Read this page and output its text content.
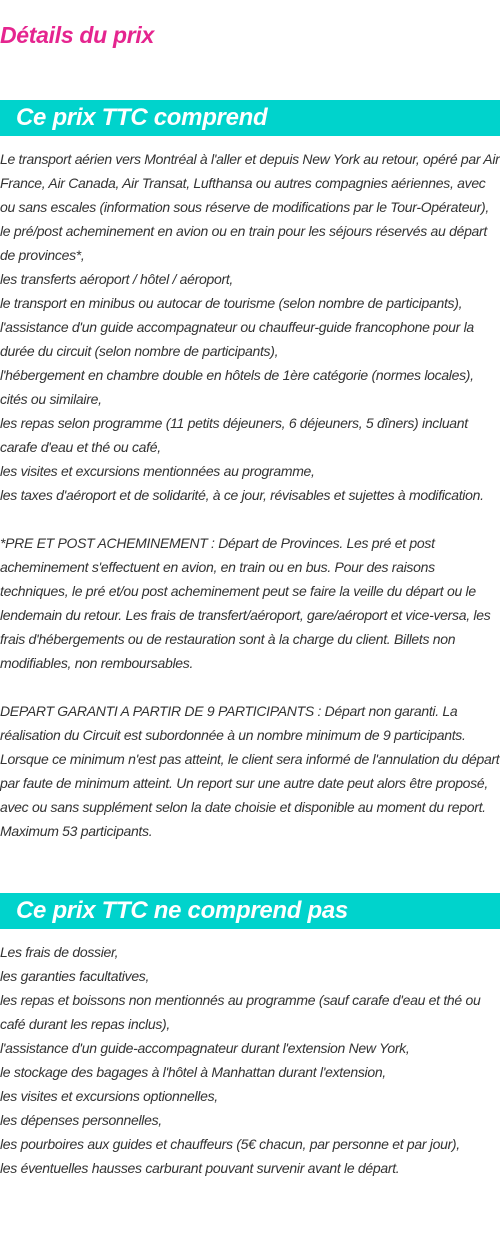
Détails du prix
Ce prix TTC comprend
Le transport aérien vers Montréal à l'aller et depuis New York au retour, opéré par Air France, Air Canada, Air Transat, Lufthansa ou autres compagnies aériennes, avec ou sans escales (information sous réserve de modifications par le Tour-Opérateur),
le pré/post acheminement en avion ou en train pour les séjours réservés au départ de provinces*,
les transferts aéroport / hôtel / aéroport,
le transport en minibus ou autocar de tourisme (selon nombre de participants),
l'assistance d'un guide accompagnateur ou chauffeur-guide francophone pour la durée du circuit (selon nombre de participants),
l'hébergement en chambre double en hôtels de 1ère catégorie (normes locales), cités ou similaire,
les repas selon programme (11 petits déjeuners, 6 déjeuners, 5 dîners) incluant carafe d'eau et thé ou café,
les visites et excursions mentionnées au programme,
les taxes d'aéroport et de solidarité, à ce jour, révisables et sujettes à modification.
*PRE ET POST ACHEMINEMENT : Départ de Provinces. Les pré et post acheminement s'effectuent en avion, en train ou en bus. Pour des raisons techniques, le pré et/ou post acheminement peut se faire la veille du départ ou le lendemain du retour. Les frais de transfert/aéroport, gare/aéroport et vice-versa, les frais d'hébergements ou de restauration sont à la charge du client. Billets non modifiables, non remboursables.
DEPART GARANTI A PARTIR DE 9 PARTICIPANTS : Départ non garanti. La réalisation du Circuit est subordonnée à un nombre minimum de 9 participants. Lorsque ce minimum n'est pas atteint, le client sera informé de l'annulation du départ par faute de minimum atteint. Un report sur une autre date peut alors être proposé, avec ou sans supplément selon la date choisie et disponible au moment du report. Maximum 53 participants.
Ce prix TTC ne comprend pas
Les frais de dossier,
les garanties facultatives,
les repas et boissons non mentionnés au programme (sauf carafe d'eau et thé ou café durant les repas inclus),
l'assistance d'un guide-accompagnateur durant l'extension New York,
le stockage des bagages à l'hôtel à Manhattan durant l'extension,
les visites et excursions optionnelles,
les dépenses personnelles,
les pourboires aux guides et chauffeurs (5€ chacun, par personne et par jour),
les éventuelles hausses carburant pouvant survenir avant le départ.
